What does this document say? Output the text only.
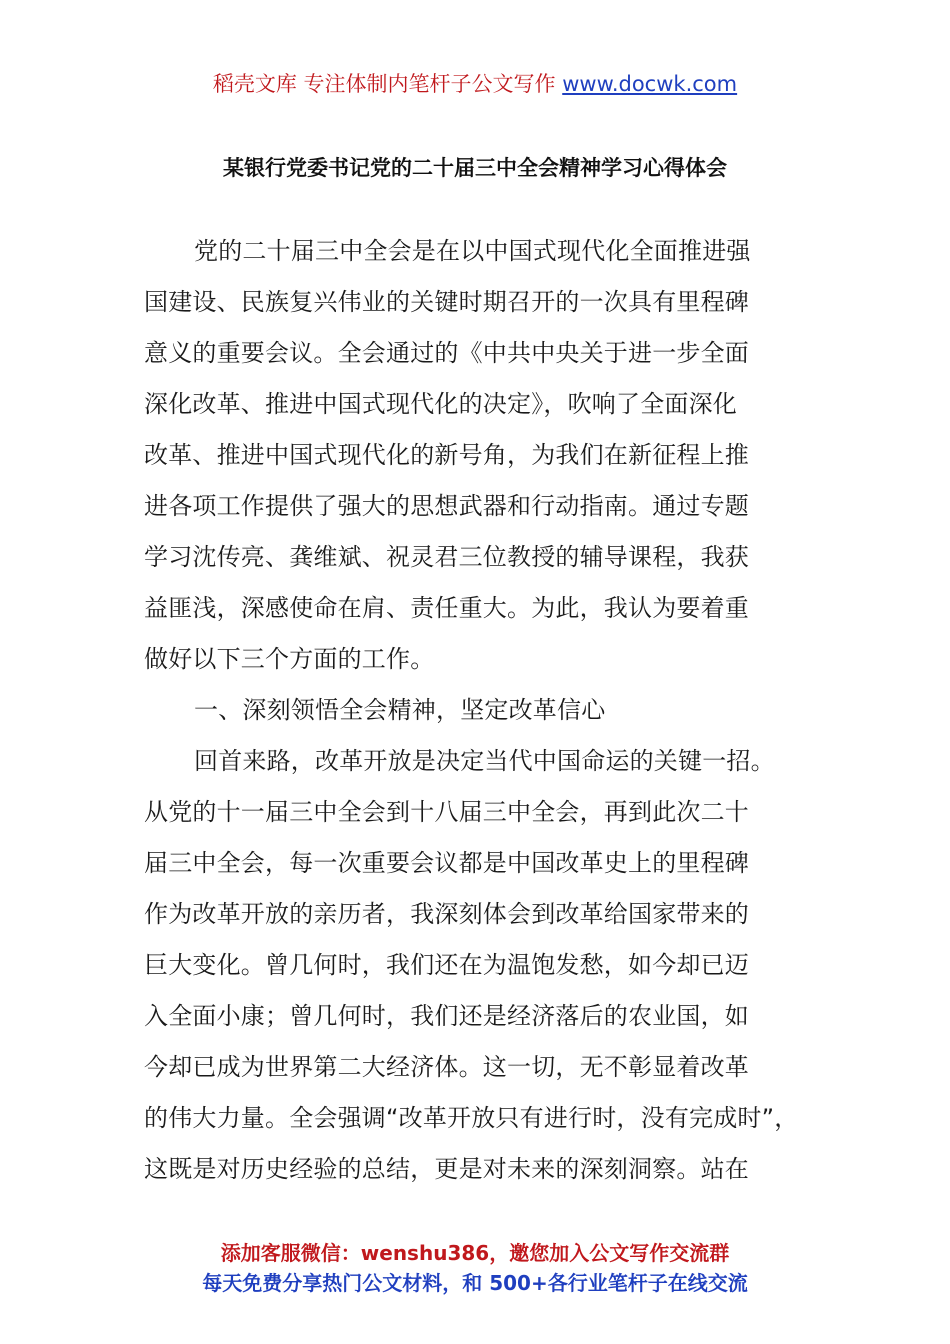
稻壳文库 专注体制内笔杆子公文写作 www.docwk.com
某银行党委书记党的二十届三中全会精神学习心得体会
党的二十届三中全会是在以中国式现代化全面推进强
国建设、民族复兴伟业的关键时期召开的一次具有里程碑
意义的重要会议。全会通过的《中共中央关于进一步全面
深化改革、推进中国式现代化的决定》，吹响了全面深化
改革、推进中国式现代化的新号角，为我们在新征程上推
进各项工作提供了强大的思想武器和行动指南。通过专题
学习沈传亮、龚维斌、祝灵君三位教授的辅导课程，我获
益匪浅，深感使命在肩、责任重大。为此，我认为要着重
做好以下三个方面的工作。
一、深刻领悟全会精神，坚定改革信心
回首来路，改革开放是决定当代中国命运的关键一招。
从党的十一届三中全会到十八届三中全会，再到此次二十
届三中全会，每一次重要会议都是中国改革史上的里程碑
作为改革开放的亲历者，我深刻体会到改革给国家带来的
巨大变化。曾几何时，我们还在为温饱发愁，如今却已迈
入全面小康；曾几何时，我们还是经济落后的农业国，如
今却已成为世界第二大经济体。这一切，无不彰显着改革
的伟大力量。全会强调“改革开放只有进行时，没有完成时”，
这既是对历史经验的总结，更是对未来的深刻洞察。站在
添加客服微信：wenshu386，邀您加入公文写作交流群
每天免费分享热门公文材料，和 500+各行业笔杆子在线交流
